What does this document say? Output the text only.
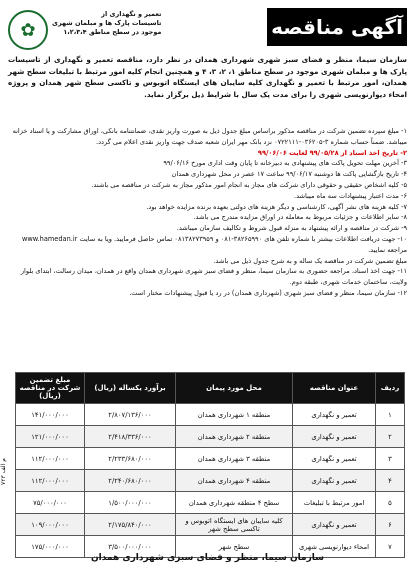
✿
تعمیر و نگهداری از
تاسیسات پارک ها و مبلمان شهری
موجود در سطح مناطق ۱،۲،۳،۴	آگهی مناقصه
سازمان سیما، منظر و فضای سبز شهری شهرداری همدان در نظر دارد، مناقصه تعمیر و نگهداری از تاسیسات پارک ها و مبلمان شهری موجود در سطح مناطق ۱، ۲، ۳، ۴ و همچنین انجام کلیه امور مرتبط با تبلیغات سطح شهر همدان، امور مرتبط با تعمیر و نگهداری کلیه سایبان های ایستگاه اتوبوس و تاکسی سطح شهر همدان و پروژه امحاء دیوارنویسی شهری را برای مدت یک سال با شرایط ذیل برگزار نماید.
۱- مبلغ سپرده تضمین شرکت در مناقصه مذکور براساس مبلغ جدول ذیل به صورت واریز نقدی، ضمانتنامه بانکی، اوراق مشارکت و یا اسناد خزانه میباشد. ضمناً حساب شماره ۳-۰۳۶۲۰۵-۰۷۲۲۱۱۱ نزد بانک مهر ایران شعبه صدف جهت واریز نقدی اعلام می گردد.
۲- تاریخ اخذ اسناد از ۹۹/۰۵/۲۸ لغایت ۹۹/۰۶/۰۶
۳- آخرین مهلت تحویل پاکت های پیشنهادی به دبیرخانه تا پایان وقت اداری مورخ ۹۹/۰۶/۱۶
۴- تاریخ بازگشایی پاکت ها دوشنبه ۹۹/۰۶/۱۷ ساعت ۱۷ عصر در محل شهرداری همدان
۵- کلیه اشخاص حقیقی و حقوقی دارای شرکت های مجاز به انجام امور مذکور مجاز به شرکت در مناقصه می باشند.
۶- مدت اعتبار پیشنهادات سه ماه میباشد.
۷- کلیه هزینه های نشر آگهی، کارشناسی و دیگر هزینه های دولتی بعهده برنده مزایده خواهد بود.
۸- سایر اطلاعات و جزئیات مربوط به معامله در اوراق مزایده مندرج می باشد.
۹- شرکت در مناقصه و ارائه پیشنهاد به منزله قبول شروط و تکالیف سازمان میباشد.
۱۰- جهت دریافت اطلاعات بیشتر با شماره تلفن های ۳۸۲۶۵۹۹۰-۰۸۱ و ۰۸۱۳۸۲۷۳۹۵۹ تماس حاصل فرمایید. ویا به سایت www.hamedan.ir مراجعه نمایید.
مبلغ تضمین شرکت در مناقصه یک ساله و به شرح جدول ذیل می باشد.
۱۱- جهت اخذ اسناد، مراجعه حضوری به سازمان سیما، منظر و فضای سبز شهری شهرداری همدان واقع در همدان، میدان رسالت، ابتدای بلوار ولایت، ساختمان خدمات شهری، طبقه دوم.
۱۲- سازمان سیما، منظر و فضای سبز شهری (شهرداری همدان) در رد یا قبول پیشنهادات مختار است.
ردیف	عنوان مناقصه	محل مورد پیمان	برآورد یکساله (ریال)	مبلغ تضمین شرکت در مناقصه (ریال)
۱	تعمیر و نگهداری	منطقه ۱ شهرداری همدان	۲/۸۰۷/۱۳۶/۰۰۰	۱۴۱/۰۰۰/۰۰۰
۲	تعمیر و نگهداری	منطقه ۲ شهرداری همدان	۲/۴۱۸/۳۳۶/۰۰۰	۱۲۱/۰۰۰/۰۰۰
۳	تعمیر و نگهداری	منطقه ۳ شهرداری همدان	۲/۲۳۳/۶۸۰/۰۰۰	۱۱۲/۰۰۰/۰۰۰
۴	تعمیر و نگهداری	منطقه ۴ شهرداری همدان	۲/۲۴۰/۶۸۰/۰۰۰	۱۱۲/۰۰۰/۰۰۰
۵	امور مرتبط با تبلیغات	سطح ۴ منطقه شهرداری همدان	۱/۵۰۰/۰۰۰/۰۰۰	۷۵/۰۰۰/۰۰۰
۶	تعمیر و نگهداری	کلیه سایبان های ایستگاه اتوبوس و تاکسی سطح شهر	۲/۱۷۵/۸۴۰/۰۰۰	۱۰۹/۰۰۰/۰۰۰
۷	امحاء دیوارنویسی شهری	سطح شهر	۳/۵۰۰/۰۰۰/۰۰۰	۱۷۵/۰۰۰/۰۰۰
سازمان سیما، منظر و فضای سبزی شهرداری همدان
م الف ۷۲۳
